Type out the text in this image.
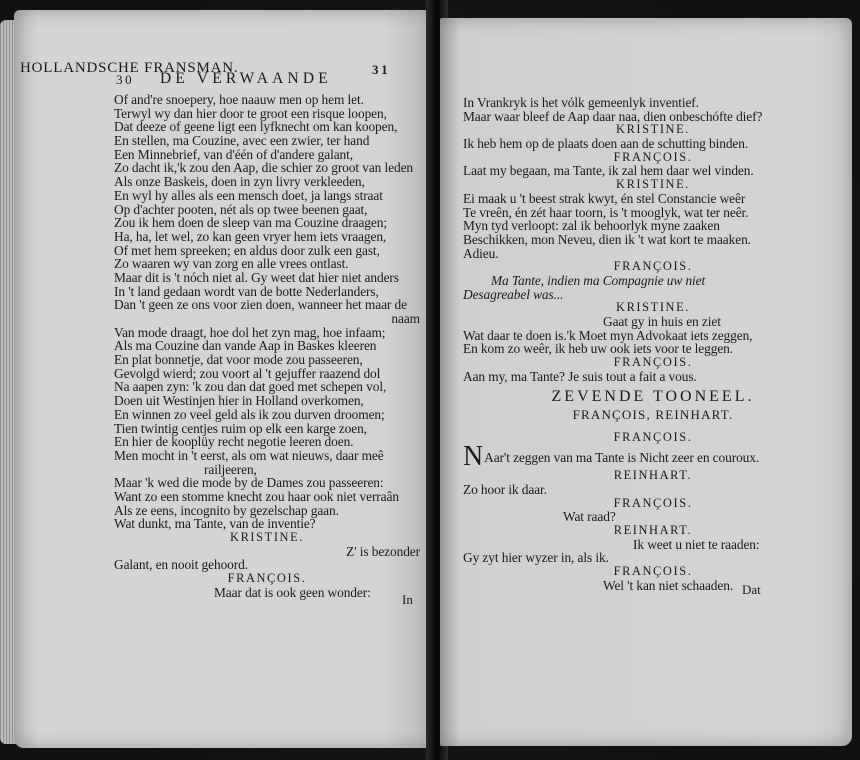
30 DE VERWAANDE
Of and're snoepery, hoe naauw men op hem let.
Terwyl wy dan hier door te groot een risque loopen,
Dat deeze of geene ligt een lyfknecht om kan koopen,
En stellen, ma Couzine, avec een zwier, ter hand
Een Minnebrief, van d'één of d'andere galant,
Zo dacht ik,'k zou den Aap, die schier zo groot van leden
Als onze Baskeis, doen in zyn livry verkleeden,
En wyl hy alles als een mensch doet, ja langs straat
Op d'achter pooten, nét als op twee beenen gaat,
Zou ik hem doen de sleep van ma Couzine draagen;
Ha, ha, let wel, zo kan geen vryer hem iets vraagen,
Of met hem spreeken; en aldus door zulk een gast,
Zo waaren wy van zorg en alle vrees ontlast.
Maar dit is 't nóch niet al. Gy weet dat hier niet anders
In 't land gedaan wordt van de botte Nederlanders,
Dan 't geen ze ons voor zien doen, wanneer het maar de
naam
Van mode draagt, hoe dol het zyn mag, hoe infaam;
Als ma Couzine dan vande Aap in Baskes kleeren
En plat bonnetje, dat voor mode zou passeeren,
Gevolgd wierd; zou voort al 't gejuffer raazend dol
Na aapen zyn: 'k zou dan dat goed met schepen vol,
Doen uit Westinjen hier in Holland overkomen,
En winnen zo veel geld als ik zou durven droomen;
Tien twintig centjes ruim op elk een karge zoen,
En hier de kooplüy recht negotie leeren doen.
Men mocht in 't eerst, als om wat nieuws, daar meê
railjeeren,
Maar 'k wed die mode by de Dames zou passeeren:
Want zo een stomme knecht zou haar ook niet verraân
Als ze eens, incognito by gezelschap gaan.
Wat dunkt, ma Tante, van de inventie?
KRISTINE.
Z' is bezonder
Galant, en nooit gehoord.
FRANÇOIS.
Maar dat is ook geen wonder:	In
HOLLANDSCHE FRANSMAN.	31
In Vrankryk is het vólk gemeenlyk inventief.
Maar waar bleef de Aap daar naa, dien onbeschófte dief?
KRISTINE.
Ik heb hem op de plaats doen aan de schutting binden.
FRANÇOIS.
Laat my begaan, ma Tante, ik zal hem daar wel vinden.
KRISTINE.
Ei maak u 't beest strak kwyt, én stel Constancie weêr
Te vreên, én zét haar toorn, is 't mooglyk, wat ter neêr.
Myn tyd verloopt: zal ik behoorlyk myne zaaken
Beschikken, mon Neveu, dien ik 't wat kort te maaken.
Adieu.
FRANÇOIS.
Ma Tante, indien ma Compagnie uw niet
Desagreabel was...
KRISTINE.
Gaat gy in huis en ziet
Wat daar te doen is.'k Moet myn Advokaat iets zeggen,
En kom zo weêr, ik heb uw ook iets voor te leggen.
FRANÇOIS.
Aan my, ma Tante? Je suis tout a fait a vous.
ZEVENDE TOONEEL.
FRANÇOIS, REINHART.
FRANÇOIS.
NAar't zeggen van ma Tante is Nicht zeer en couroux.
REINHART.
Zo hoor ik daar.
FRANÇOIS.
Wat raad?
REINHART.
Ik weet u niet te raaden:
Gy zyt hier wyzer in, als ik.
FRANÇOIS.
Wel 't kan niet schaaden. Dat
